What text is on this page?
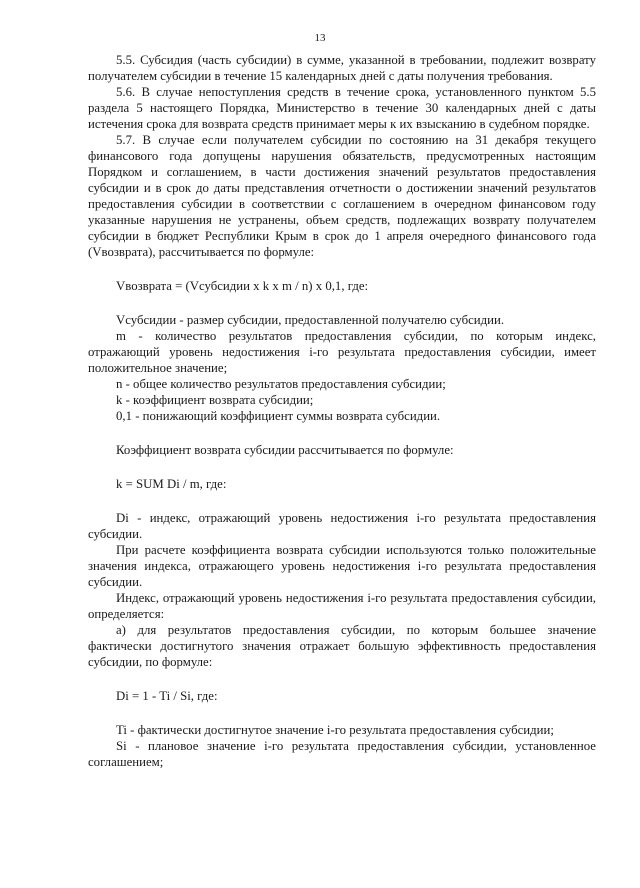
13

5.5. Субсидия (часть субсидии) в сумме, указанной в требовании, подлежит возврату получателем субсидии в течение 15 календарных дней с даты получения требования.

5.6. В случае непоступления средств в течение срока, установленного пунктом 5.5 раздела 5 настоящего Порядка, Министерство в течение 30 календарных дней с даты истечения срока для возврата средств принимает меры к их взысканию в судебном порядке.

5.7. В случае если получателем субсидии по состоянию на 31 декабря текущего финансового года допущены нарушения обязательств, предусмотренных настоящим Порядком и соглашением, в части достижения значений результатов предоставления субсидии и в срок до даты представления отчетности о достижении значений результатов предоставления субсидии в соответствии с соглашением в очередном финансовом году указанные нарушения не устранены, объем средств, подлежащих возврату получателем субсидии в бюджет Республики Крым в срок до 1 апреля очередного финансового года (Vвозврата), рассчитывается по формуле:

Vвозврата = (Vсубсидии x k x m / n) x 0,1, где:

Vсубсидии - размер субсидии, предоставленной получателю субсидии.

m - количество результатов предоставления субсидии, по которым индекс, отражающий уровень недостижения i-го результата предоставления субсидии, имеет положительное значение;

n - общее количество результатов предоставления субсидии;

k - коэффициент возврата субсидии;

0,1 - понижающий коэффициент суммы возврата субсидии.

Коэффициент возврата субсидии рассчитывается по формуле:

k = SUM Di / m, где:

Di - индекс, отражающий уровень недостижения i-го результата предоставления субсидии.

При расчете коэффициента возврата субсидии используются только положительные значения индекса, отражающего уровень недостижения i-го результата предоставления субсидии.

Индекс, отражающий уровень недостижения i-го результата предоставления субсидии, определяется:

а) для результатов предоставления субсидии, по которым большее значение фактически достигнутого значения отражает большую эффективность предоставления субсидии, по формуле:

Di = 1 - Ti / Si, где:

Ti - фактически достигнутое значение i-го результата предоставления субсидии;

Si - плановое значение i-го результата предоставления субсидии, установленное соглашением;
